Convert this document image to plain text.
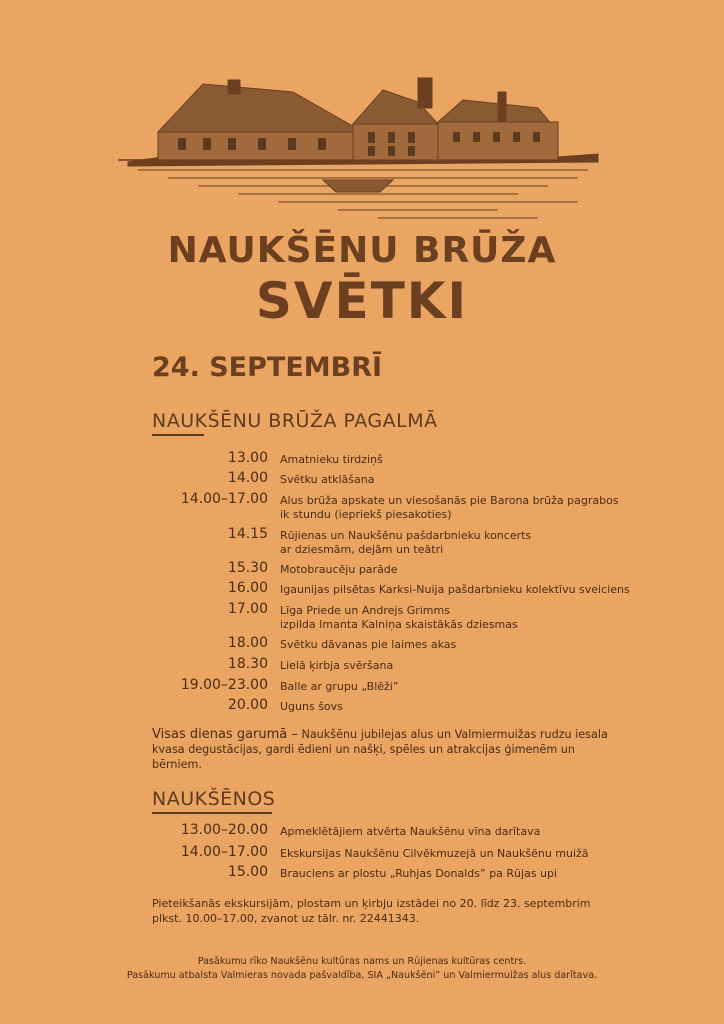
NAUKŠĒNU BRŪŽA
SVĒTKI
24. SEPTEMBRĪ
NAUKŠĒNU BRŪŽA PAGALMĀ
13.00 Amatnieku tirdziņš
14.00 Svētku atklāšana
14.00–17.00 Alus brūža apskate un viesošanās pie Barona brūža pagrabos
ik stundu (iepriekš piesakoties)
14.15 Rūjienas un Naukšēnu pašdarbnieku koncerts
ar dziesmām, dejām un teātri
15.30 Motobraucēju parāde
16.00 Igaunijas pilsētas Karksi-Nuija pašdarbnieku kolektīvu sveiciens
17.00 Līga Priede un Andrejs Grimms
izpilda Imanta Kalniņa skaistākās dziesmas
18.00 Svētku dāvanas pie laimes akas
18.30 Lielā ķirbja svēršana
19.00–23.00 Balle ar grupu „Blēži”
20.00 Uguns šovs
Visas dienas garumā – Naukšēnu jubilejas alus un Valmiermuižas rudzu iesala kvasa degustācijas, gardi ēdieni un našķi, spēles un atrakcijas ģimenēm un bērniem.
NAUKŠĒNOS
13.00–20.00 Apmeklētājiem atvērta Naukšēnu vīna darītava
14.00–17.00 Ekskursijas Naukšēnu Cilvēkmuzejā un Naukšēnu muižā
15.00 Brauciens ar plostu „Ruhjas Donalds” pa Rūjas upi
Pieteikšanās ekskursijām, plostam un ķirbju izstādei no 20. līdz 23. septembrim
plkst. 10.00–17.00, zvanot uz tālr. nr. 22441343.
Pasākumu rīko Naukšēnu kultūras nams un Rūjienas kultūras centrs.
Pasākumu atbalsta Valmieras novada pašvaldība, SIA „Naukšēni” un Valmiermuižas alus darītava.
